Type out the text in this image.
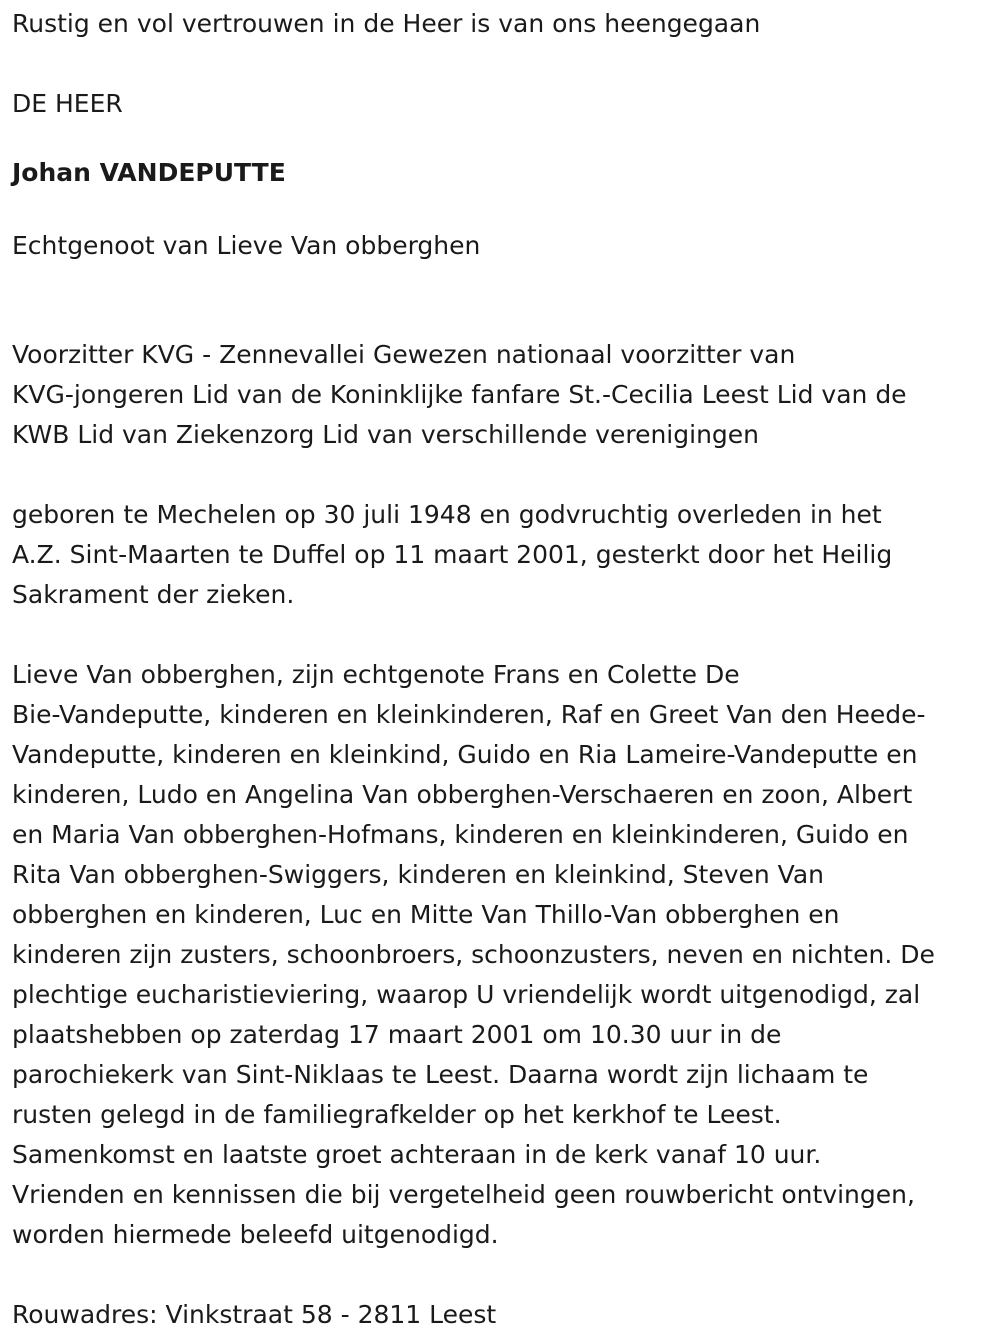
Rustig en vol vertrouwen in de Heer is van ons heengegaan

DE HEER

Johan VANDEPUTTE

Echtgenoot van Lieve Van obberghen

Voorzitter KVG - Zennevallei Gewezen nationaal voorzitter van

KVG-jongeren Lid van de Koninklijke fanfare St.-Cecilia Leest Lid van de

KWB Lid van Ziekenzorg Lid van verschillende verenigingen

geboren te Mechelen op 30 juli 1948 en godvruchtig overleden in het

A.Z. Sint-Maarten te Duffel op 11 maart 2001, gesterkt door het Heilig

Sakrament der zieken.

Lieve Van obberghen, zijn echtgenote Frans en Colette De

Bie-Vandeputte, kinderen en kleinkinderen, Raf en Greet Van den Heede-

Vandeputte, kinderen en kleinkind, Guido en Ria Lameire-Vandeputte en

kinderen, Ludo en Angelina Van obberghen-Verschaeren en zoon, Albert

en Maria Van obberghen-Hofmans, kinderen en kleinkinderen, Guido en

Rita Van obberghen-Swiggers, kinderen en kleinkind, Steven Van

obberghen en kinderen, Luc en Mitte Van Thillo-Van obberghen en

kinderen zijn zusters, schoonbroers, schoonzusters, neven en nichten. De

plechtige eucharistieviering, waarop U vriendelijk wordt uitgenodigd, zal

plaatshebben op zaterdag 17 maart 2001 om 10.30 uur in de

parochiekerk van Sint-Niklaas te Leest. Daarna wordt zijn lichaam te

rusten gelegd in de familiegrafkelder op het kerkhof te Leest.

Samenkomst en laatste groet achteraan in de kerk vanaf 10 uur.

Vrienden en kennissen die bij vergetelheid geen rouwbericht ontvingen,

worden hiermede beleefd uitgenodigd.

Rouwadres: Vinkstraat 58 - 2811 Leest
